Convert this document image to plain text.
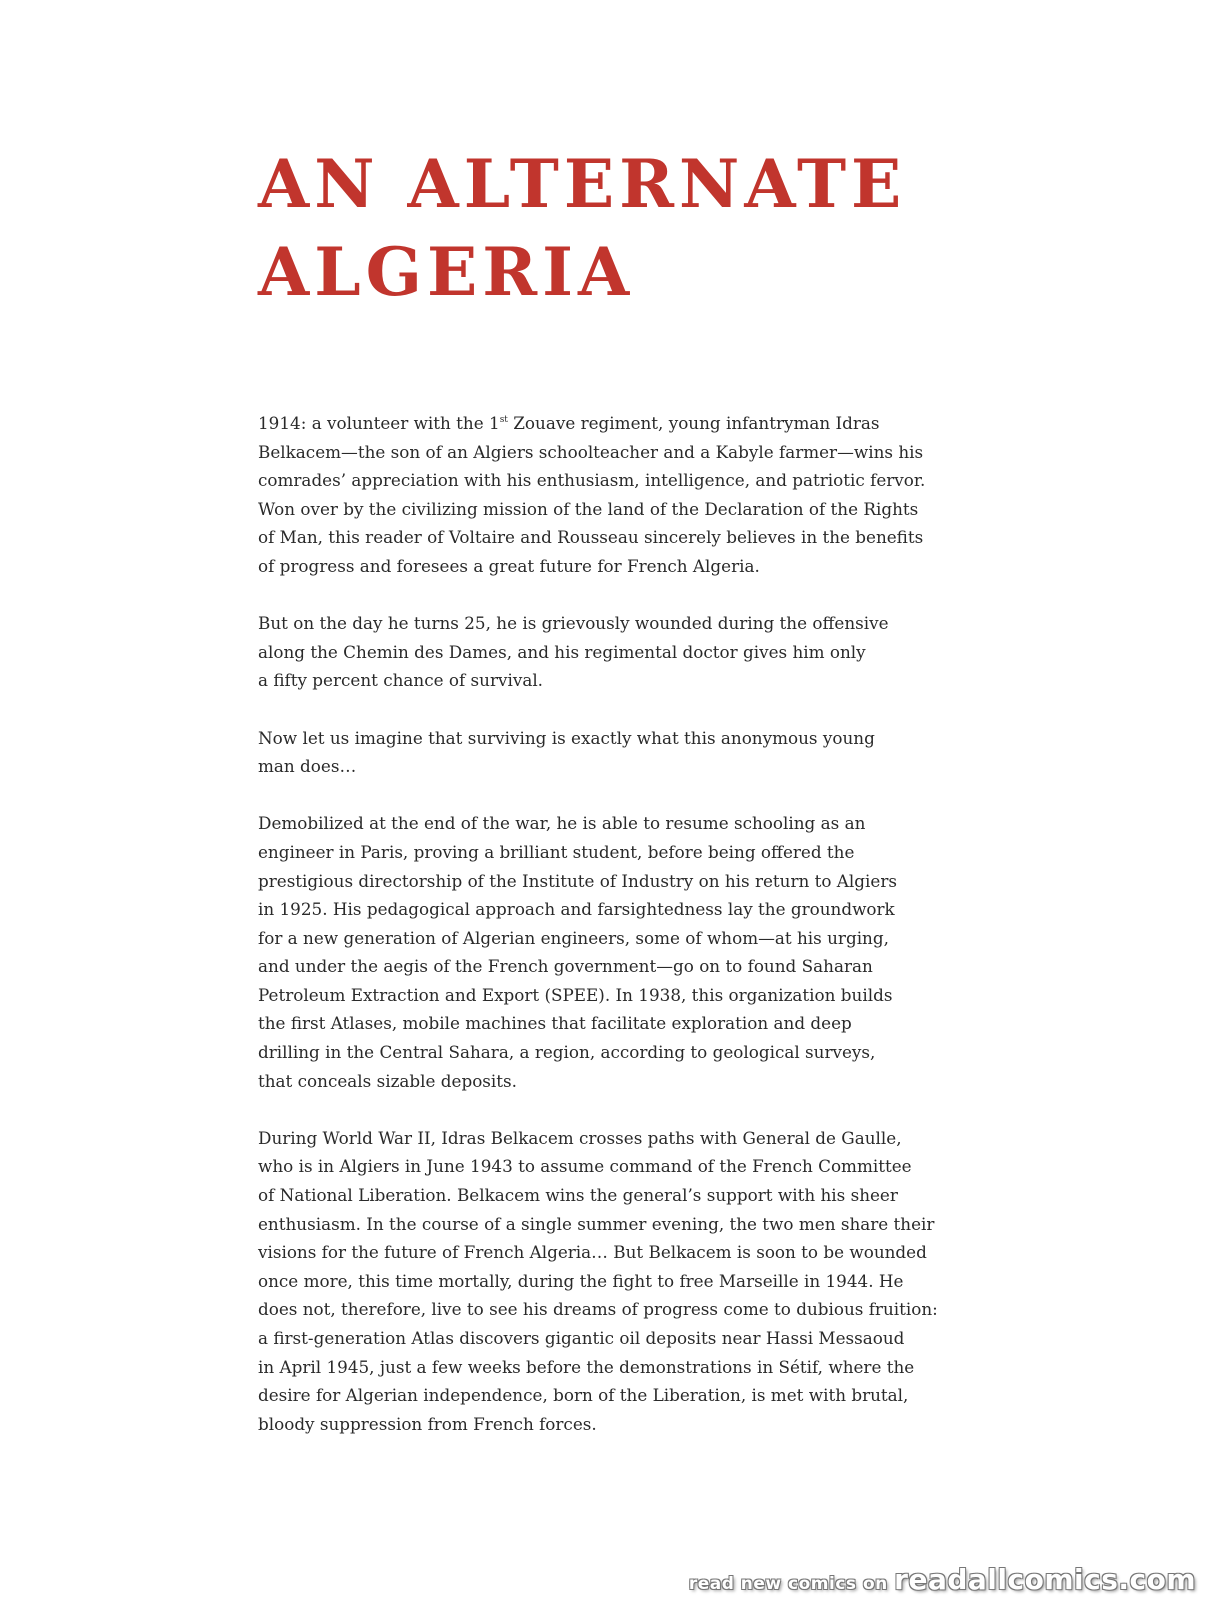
AN ALTERNATE
ALGERIA

1914: a volunteer with the 1st Zouave regiment, young infantryman Idras
Belkacem—the son of an Algiers schoolteacher and a Kabyle farmer—wins his
comrades’ appreciation with his enthusiasm, intelligence, and patriotic fervor.
Won over by the civilizing mission of the land of the Declaration of the Rights
of Man, this reader of Voltaire and Rousseau sincerely believes in the benefits
of progress and foresees a great future for French Algeria.

But on the day he turns 25, he is grievously wounded during the offensive
along the Chemin des Dames, and his regimental doctor gives him only
a fifty percent chance of survival.

Now let us imagine that surviving is exactly what this anonymous young
man does…

Demobilized at the end of the war, he is able to resume schooling as an
engineer in Paris, proving a brilliant student, before being offered the
prestigious directorship of the Institute of Industry on his return to Algiers
in 1925. His pedagogical approach and farsightedness lay the groundwork
for a new generation of Algerian engineers, some of whom—at his urging,
and under the aegis of the French government—go on to found Saharan
Petroleum Extraction and Export (SPEE). In 1938, this organization builds
the first Atlases, mobile machines that facilitate exploration and deep
drilling in the Central Sahara, a region, according to geological surveys,
that conceals sizable deposits.

During World War II, Idras Belkacem crosses paths with General de Gaulle,
who is in Algiers in June 1943 to assume command of the French Committee
of National Liberation. Belkacem wins the general’s support with his sheer
enthusiasm. In the course of a single summer evening, the two men share their
visions for the future of French Algeria… But Belkacem is soon to be wounded
once more, this time mortally, during the fight to free Marseille in 1944. He
does not, therefore, live to see his dreams of progress come to dubious fruition:
a first-generation Atlas discovers gigantic oil deposits near Hassi Messaoud
in April 1945, just a few weeks before the demonstrations in Sétif, where the
desire for Algerian independence, born of the Liberation, is met with brutal,
bloody suppression from French forces.

read new comics on readallcomics.com
